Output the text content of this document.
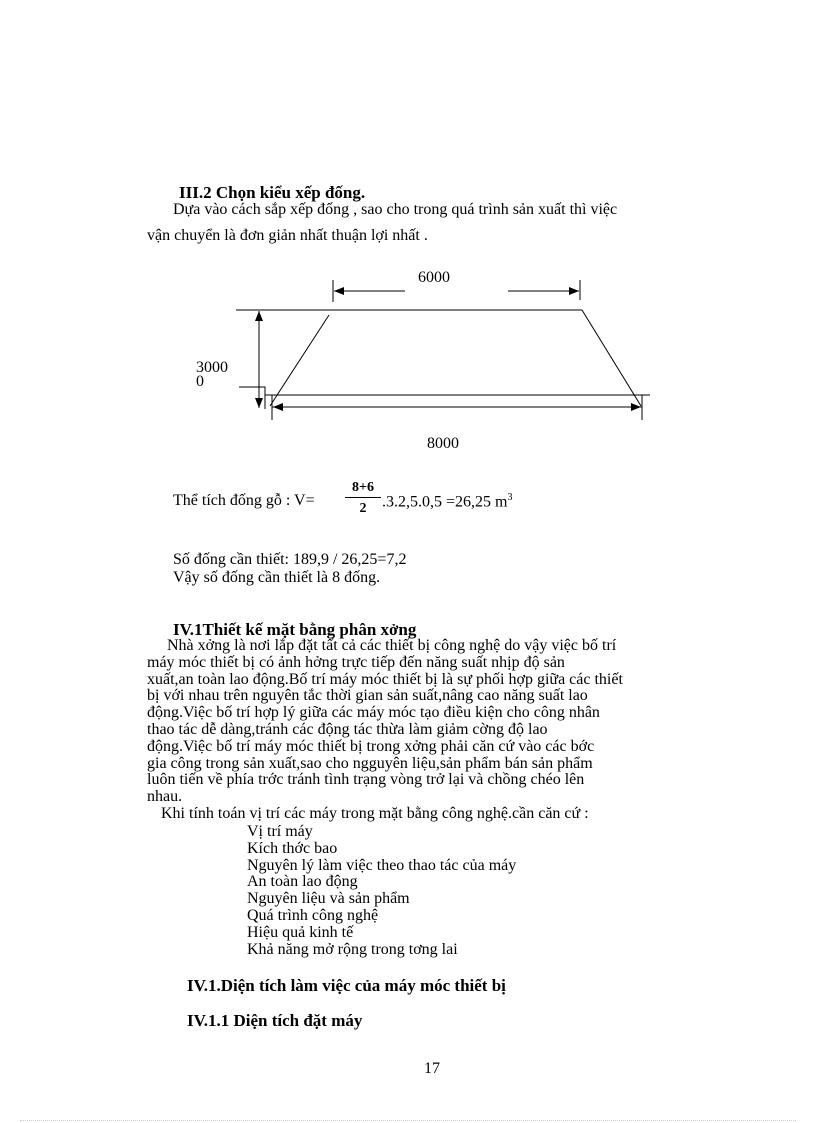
III.2 Chọn kiểu xếp đống.
Dựa vào cách sắp xếp đống , sao cho trong quá trình sản xuất thì việc
vận chuyển là đơn giản nhất thuận lợi nhất .
6000
3000
0
8000
Thể tích đống gỗ : V=
8+6
2 .3.2,5.0,5 =26,25 $m^3$
Số đống cần thiết: 189,9 / 26,25=7,2
Vậy số đống cần thiết là 8 đống.
IV.1Thiết kế mặt bằng phân xởng
Nhà xởng là nơi lắp đặt tất cả các thiết bị công nghệ do vậy việc bố trí
máy móc thiết bị có ảnh hởng trực tiếp đến năng suất nhịp độ sản
xuất,an toàn lao động.Bố trí máy móc thiết bị là sự phối hợp giữa các thiết
bị với nhau trên nguyên tắc thời gian sản suất,nâng cao năng suất lao
động.Việc bố trí hợp lý giữa các máy móc tạo điều kiện cho công nhân
thao tác dễ dàng,tránh các động tác thừa làm giảm cờng độ lao
động.Việc bố trí máy móc thiết bị trong xởng phải căn cứ vào các bớc
gia công trong sản xuất,sao cho ngguyên liệu,sản phẩm bán sản phẩm
luôn tiến về phía trớc tránh tình trạng vòng trở lại và chồng chéo lên
nhau.
Khi tính toán vị trí các máy trong mặt bằng công nghệ.cần căn cứ :
Vị trí máy
Kích thớc bao
Nguyên lý làm việc theo thao tác của máy
An toàn lao động
Nguyên liệu và sản phẩm
Quá trình công nghệ
Hiệu quả kinh tế
Khả năng mở rộng trong tơng lai
IV.1.Diện tích làm việc của máy móc thiết bị
IV.1.1 Diện tích đặt máy
17
